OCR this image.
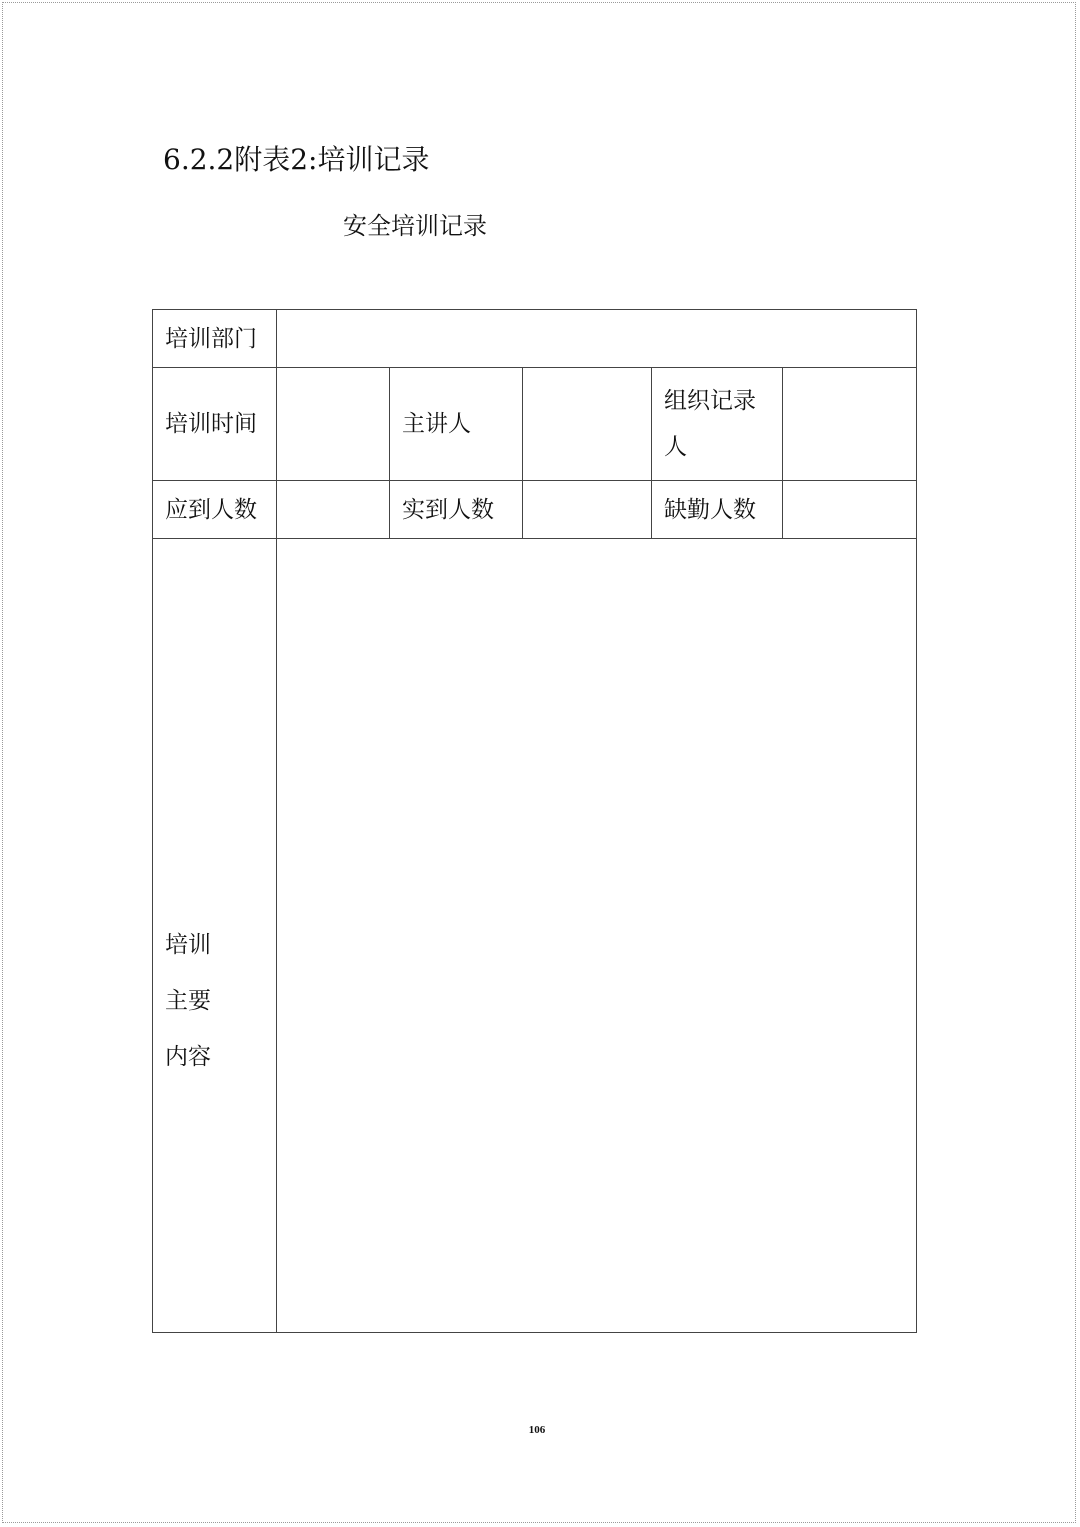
6.2.2附表2:培训记录
安全培训记录
培训部门					
培训时间		主讲人		组织记录人	
应到人数		实到人数		缺勤人数	

培训
主要
内容					

106
